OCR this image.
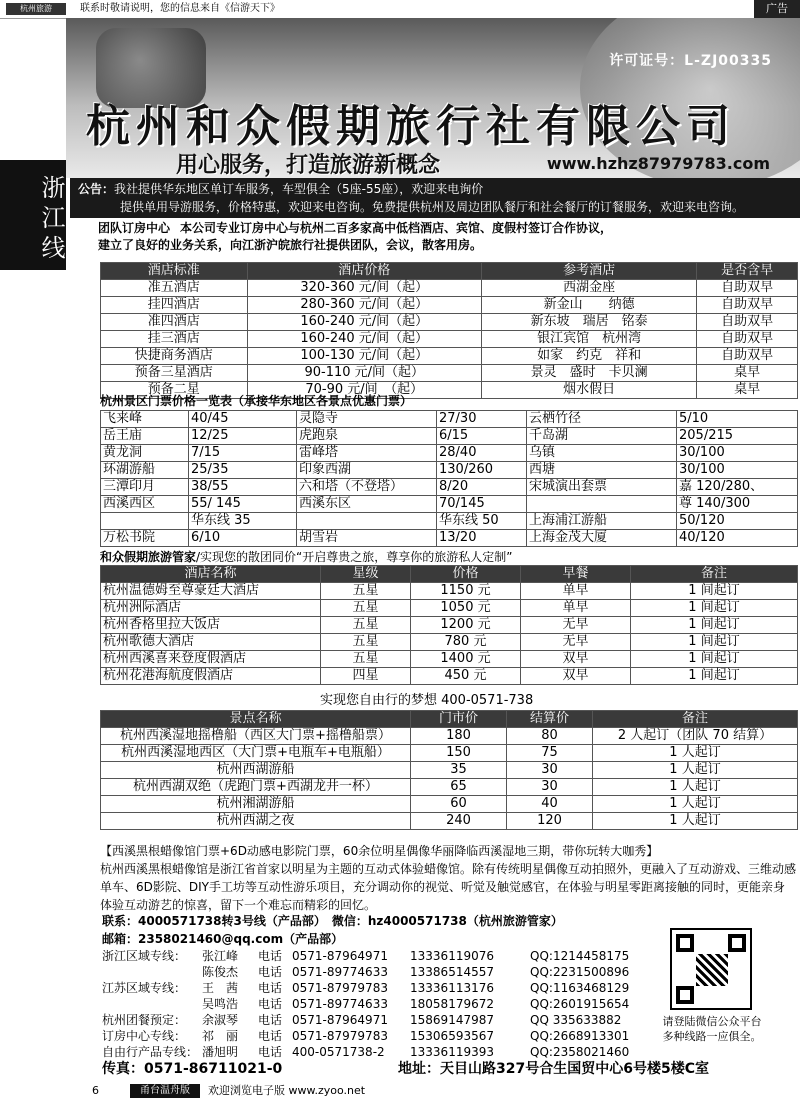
杭州旅游	联系时敬请说明，您的信息来自《信游天下》	广告
许可证号：L-ZJ00335
杭州和众假期旅行社有限公司
用心服务，打造旅游新概念	www.hzhz87979783.com
浙江线 公告：我社提供华东地区单订车服务，车型俱全（5座-55座），欢迎来电询价
提供单用导游服务，价格特惠，欢迎来电咨询。免费提供杭州及周边团队餐厅和社会餐厅的订餐服务，欢迎来电咨询。
团队订房中心 本公司专业订房中心与杭州二百多家高中低档酒店、宾馆、度假村签订合作协议，
建立了良好的业务关系，向江浙沪皖旅行社提供团队，会议，散客用房。
酒店标准	酒店价格	参考酒店	是否含早
准五酒店	320-360 元/间（起）	西湖金座	自助双早
挂四酒店	280-360 元/间（起）	新金山　　纳德	自助双早
准四酒店	160-240 元/间（起）	新东坡　瑞居　铭泰	自助双早
挂三酒店	160-240 元/间（起）	银江宾馆　杭州湾	自助双早
快捷商务酒店	100-130 元/间（起）	如家　约克　祥和	自助双早
预备三星酒店	90-110 元/间（起）	景灵　盛时　卡贝澜	桌早
预备二星	70-90 元/间　（起）	烟水假日	桌早
杭州景区门票价格一览表（承接华东地区各景点优惠门票）
飞来峰	40/45	灵隐寺	27/30	云栖竹径	5/10
岳王庙	12/25	虎跑泉	6/15	千岛湖	205/215
黄龙洞	7/15	雷峰塔	28/40	乌镇	30/100
环湖游船	25/35	印象西湖	130/260	西塘	30/100
三潭印月	38/55	六和塔（不登塔）	8/20	宋城演出套票	嘉 120/280、
西溪西区	55/ 145	西溪东区	70/145		尊 140/300
	华东线 35		华东线 50	上海浦江游船	50/120
万松书院	6/10	胡雪岩	13/20	上海金茂大厦	40/120
和众假期旅游管家/实现您的散团同价“开启尊贵之旅，尊享你的旅游私人定制”
酒店名称	星级	价格	早餐	备注
杭州温德姆至尊豪廷大酒店	五星	1150 元	单早	1 间起订
杭州洲际酒店	五星	1050 元	单早	1 间起订
杭州香格里拉大饭店	五星	1200 元	无早	1 间起订
杭州歌德大酒店	五星	780 元	无早	1 间起订
杭州西溪喜来登度假酒店	五星	1400 元	双早	1 间起订
杭州花港海航度假酒店	四星	450 元	双早	1 间起订
实现您自由行的梦想 400-0571-738
景点名称	门市价	结算价	备注
杭州西溪湿地摇橹船（西区大门票+摇橹船票）	180	80	2 人起订（团队 70 结算）
杭州西溪湿地西区（大门票+电瓶车+电瓶船）	150	75	1 人起订
杭州西湖游船	35	30	1 人起订
杭州西湖双绝（虎跑门票+西湖龙井一杯）	65	30	1 人起订
杭州湘湖游船	60	40	1 人起订
杭州西湖之夜	240	120	1 人起订
【西溪黑根蜡像馆门票+6D动感电影院门票，60余位明星偶像华丽降临西溪湿地三期，带你玩转大咖秀】
杭州西溪黑根蜡像馆是浙江省首家以明星为主题的互动式体验蜡像馆。除有传统明星偶像互动拍照外，更融入了互动游戏、三维动感单车、6D影院、DIY手工坊等互动性游乐项目，充分调动你的视觉、听觉及触觉感官，在体验与明星零距离接触的同时，更能亲身体验互动游艺的惊喜，留下一个难忘而精彩的回忆。
联系：4000571738转3号线（产品部）　微信：hz4000571738（杭州旅游管家）
邮箱：2358021460@qq.com（产品部）
浙江区域专线：	张江峰	电话	0571-87964971	13336119076	QQ:1214458175
	陈俊杰	电话	0571-89774633	13386514557	QQ:2231500896
江苏区域专线：	王　茜	电话	0571-87979783	13336113176	QQ:1163468129
	吴鸣浩	电话	0571-89774633	18058179672	QQ:2601915654
杭州团餐预定：	余淑琴	电话	0571-87964971	15869147987	QQ 335633882
订房中心专线：	祁　丽	电话	0571-87979783	15306593567	QQ:2668913301
自由行产品专线：	潘旭明	电话	400-0571738-2	13336119393	QQ:2358021460
请登陆微信公众平台
多种线路一应俱全。
传真：0571-86711021-0	地址：天目山路327号合生国贸中心6号楼5楼C室
6	甬台温舟版	欢迎浏览电子版 www.zyoo.net
